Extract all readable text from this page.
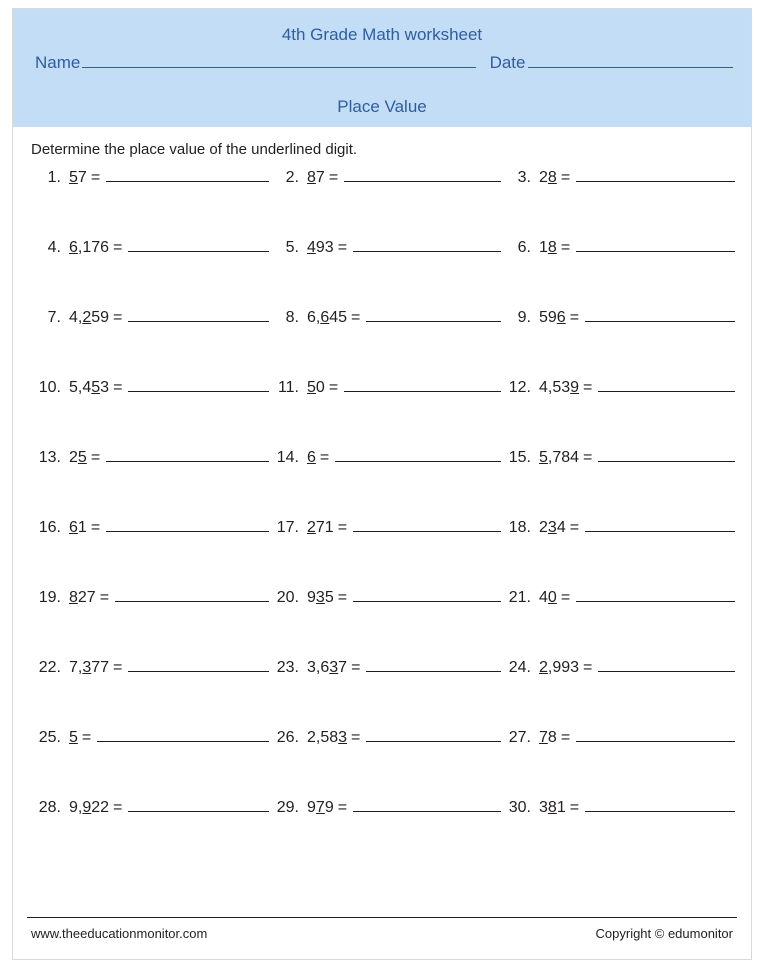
4th Grade Math worksheet
Name	Date
Place Value
Determine the place value of the underlined digit.
1. 57 =	2. 87 =	3. 28 =
4. 6,176 =	5. 493 =	6. 18 =
7. 4,259 =	8. 6,645 =	9. 596 =
10. 5,453 =	11. 50 =	12. 4,539 =
13. 25 =	14. 6 =	15. 5,784 =
16. 61 =	17. 271 =	18. 234 =
19. 827 =	20. 935 =	21. 40 =
22. 7,377 =	23. 3,637 =	24. 2,993 =
25. 5 =	26. 2,583 =	27. 78 =
28. 9,922 =	29. 979 =	30. 381 =
www.theeducationmonitor.com	Copyright © edumonitor
